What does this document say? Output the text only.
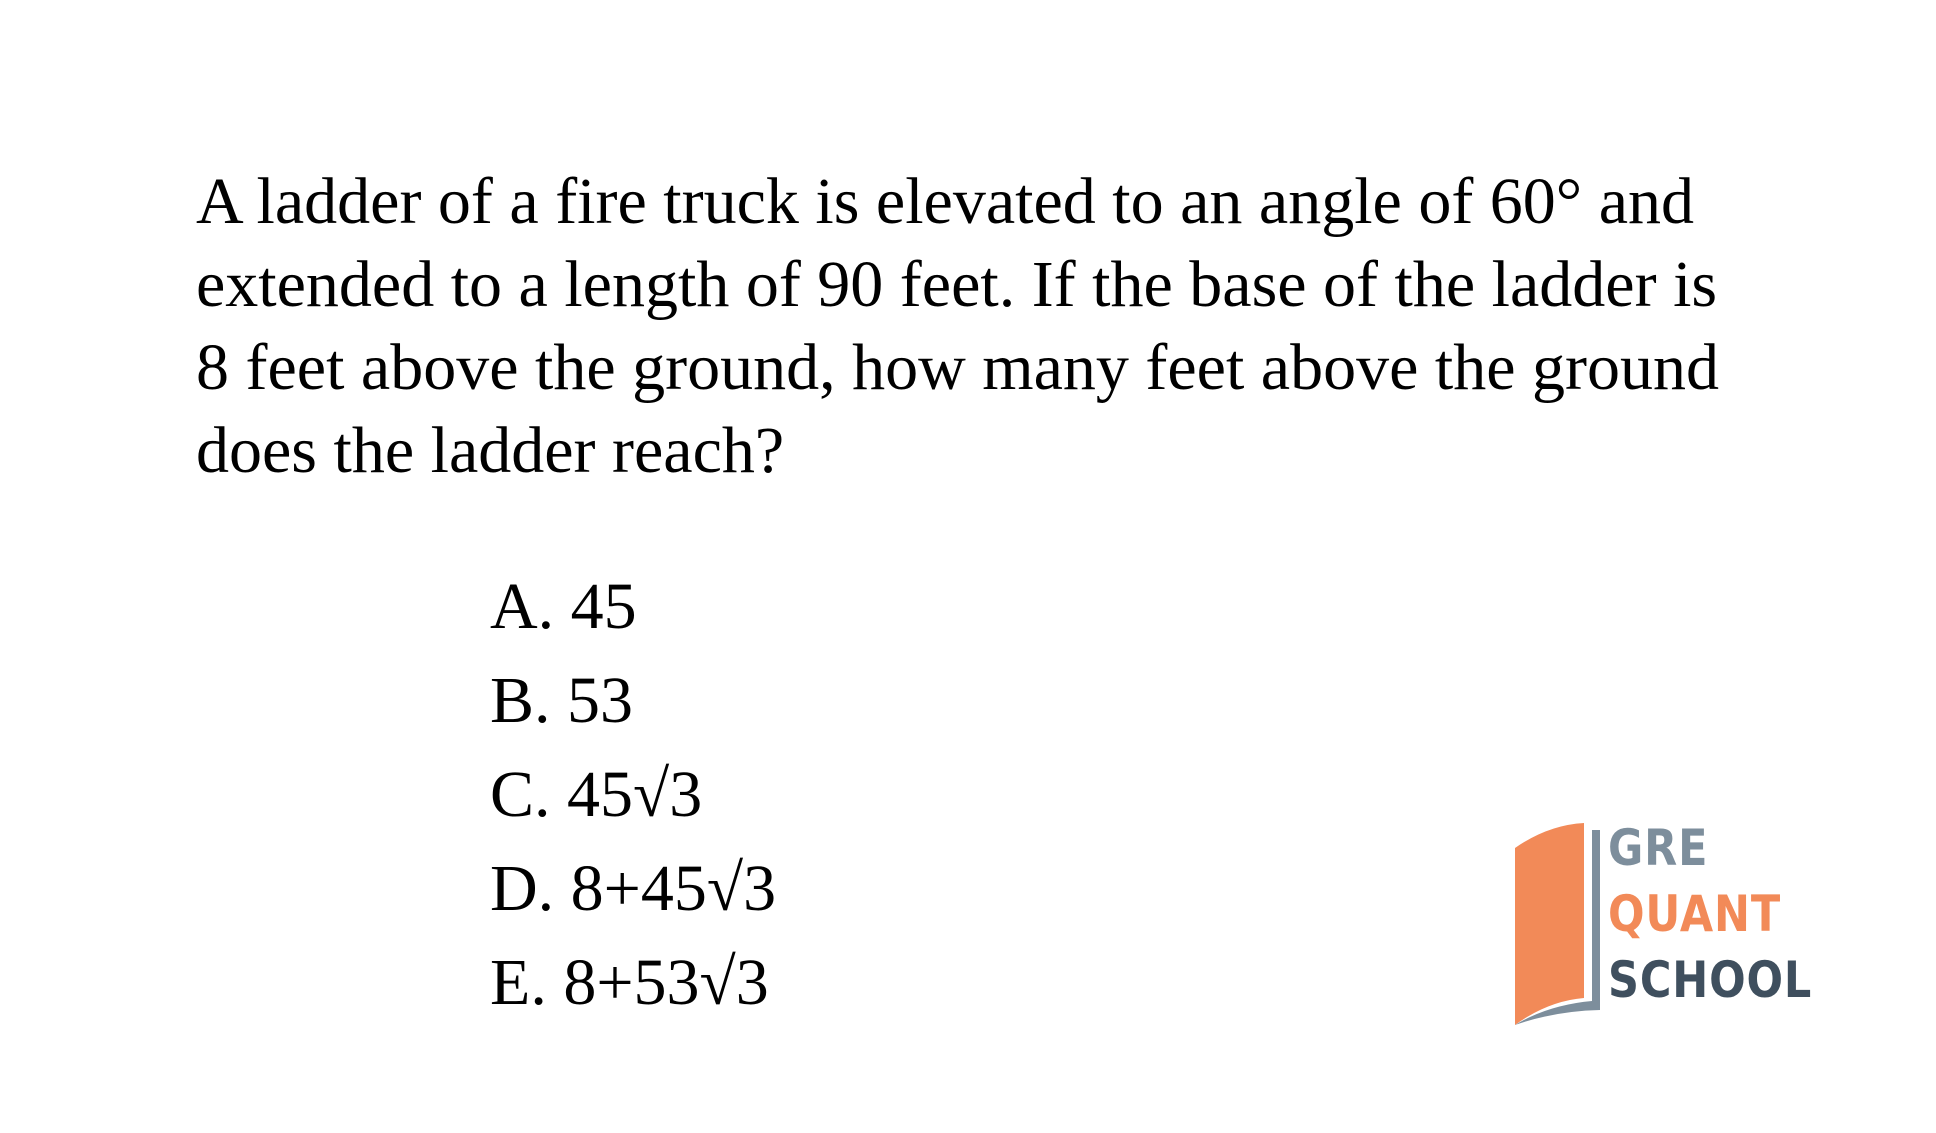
A ladder of a fire truck is elevated to an angle of 60° and
extended to a length of 90 feet. If the base of the ladder is
8 feet above the ground, how many feet above the ground
does the ladder reach?

A. 45
B. 53
C. 45√3
D. 8+45√3
E. 8+53√3
GRE
QUANT
SCHOOL
